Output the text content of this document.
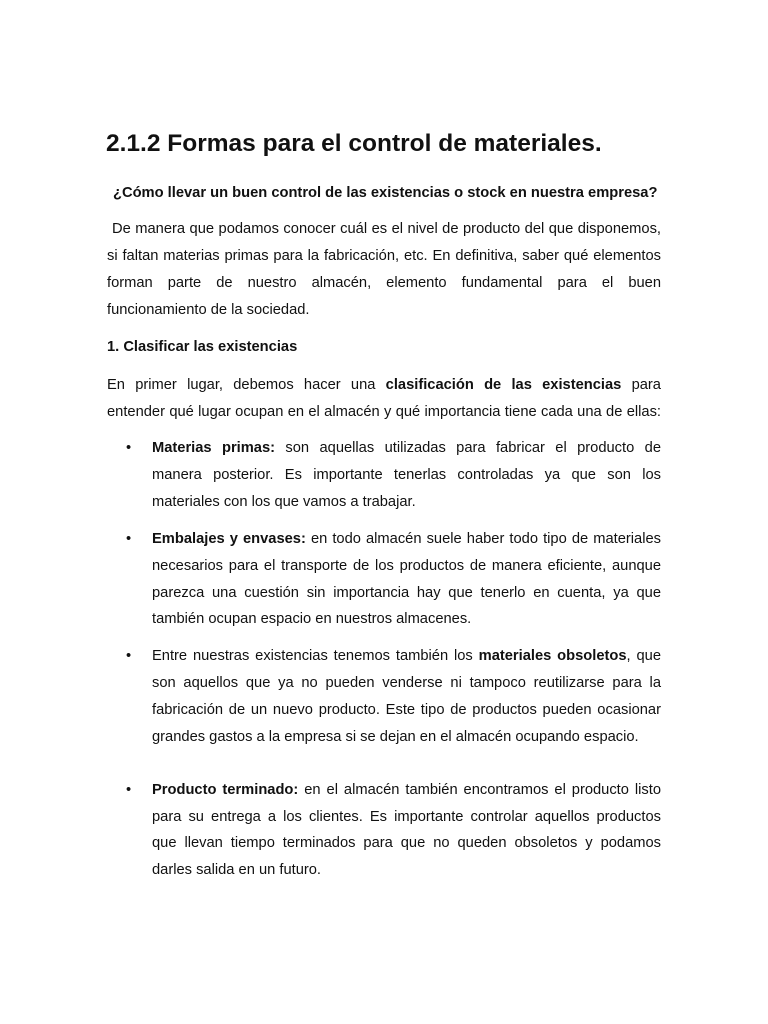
2.1.2 Formas para el control de materiales.
¿Cómo llevar un buen control de las existencias o stock en nuestra empresa?
De manera que podamos conocer cuál es el nivel de producto del que disponemos,
si faltan materias primas para la fabricación, etc. En definitiva, saber qué elementos
forman parte de nuestro almacén, elemento fundamental para el buen
funcionamiento de la sociedad.
1. Clasificar las existencias
En primer lugar, debemos hacer una clasificación de las existencias para
entender qué lugar ocupan en el almacén y qué importancia tiene cada una de ellas:
• Materias primas: son aquellas utilizadas para fabricar el producto de
manera posterior. Es importante tenerlas controladas ya que son los
materiales con los que vamos a trabajar.
• Embalajes y envases: en todo almacén suele haber todo tipo de materiales
necesarios para el transporte de los productos de manera eficiente, aunque
parezca una cuestión sin importancia hay que tenerlo en cuenta, ya que
también ocupan espacio en nuestros almacenes.
• Entre nuestras existencias tenemos también los materiales obsoletos, que
son aquellos que ya no pueden venderse ni tampoco reutilizarse para la
fabricación de un nuevo producto. Este tipo de productos pueden ocasionar
grandes gastos a la empresa si se dejan en el almacén ocupando espacio.
• Producto terminado: en el almacén también encontramos el producto listo
para su entrega a los clientes. Es importante controlar aquellos productos
que llevan tiempo terminados para que no queden obsoletos y podamos
darles salida en un futuro.
